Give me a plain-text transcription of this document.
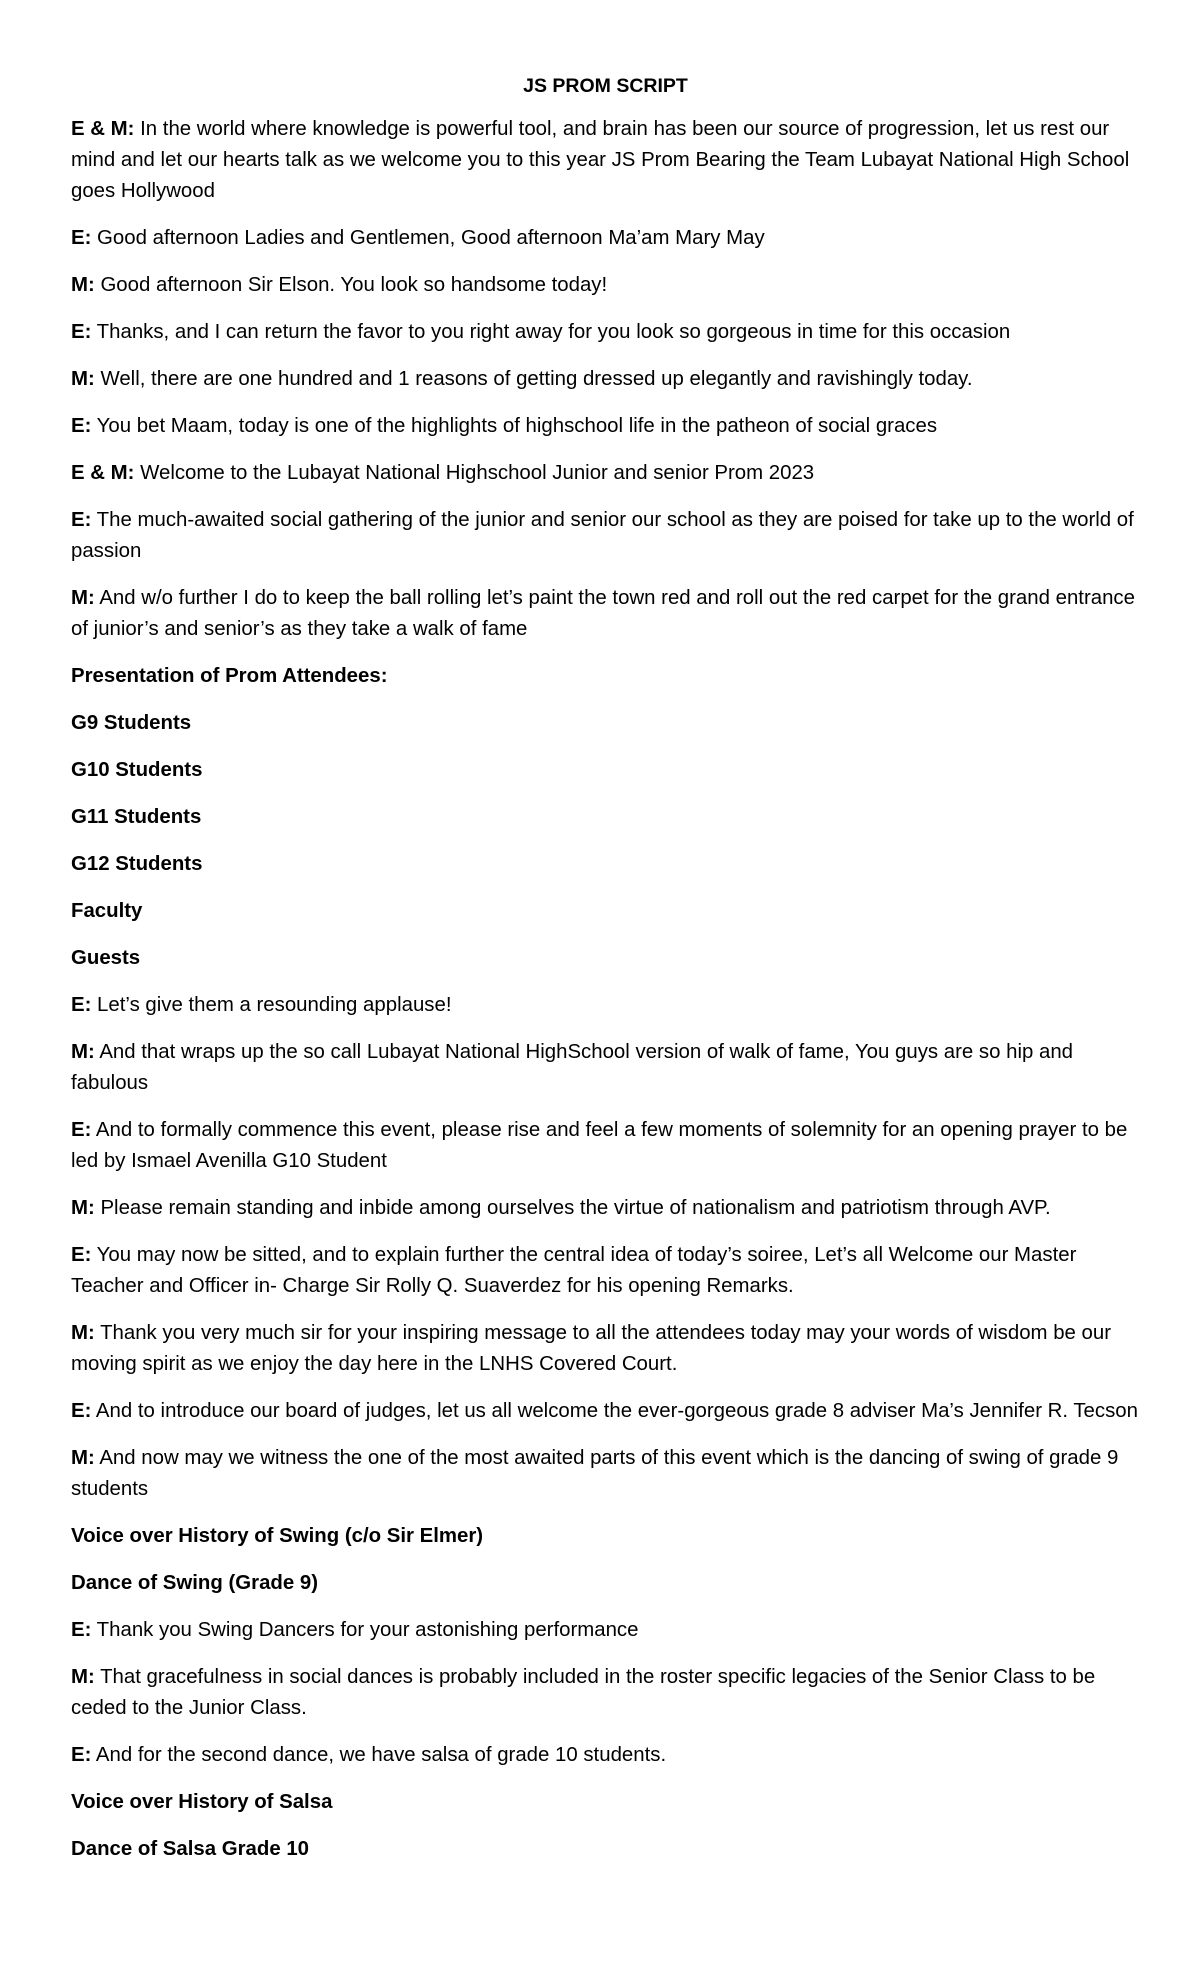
JS PROM SCRIPT
E & M: In the world where knowledge is powerful tool, and brain has been our source of progression, let us rest our mind and let our hearts talk as we welcome you to this year JS Prom Bearing the Team Lubayat National High School goes Hollywood
E: Good afternoon Ladies and Gentlemen, Good afternoon Ma’am Mary May
M: Good afternoon Sir Elson. You look so handsome today!
E: Thanks, and I can return the favor to you right away for you look so gorgeous in time for this occasion
M: Well, there are one hundred and 1 reasons of getting dressed up elegantly and ravishingly today.
E: You bet Maam, today is one of the highlights of highschool life in the patheon of social graces
E & M: Welcome to the Lubayat National Highschool Junior and senior Prom 2023
E: The much-awaited social gathering of the junior and senior our school as they are poised for take up to the world of passion
M: And w/o further I do to keep the ball rolling let’s paint the town red and roll out the red carpet for the grand entrance of junior’s and senior’s as they take a walk of fame
Presentation of Prom Attendees:
G9 Students
G10 Students
G11 Students
G12 Students
Faculty
Guests
E: Let’s give them a resounding applause!
M: And that wraps up the so call Lubayat National HighSchool version of walk of fame, You guys are so hip and fabulous
E: And to formally commence this event, please rise and feel a few moments of solemnity for an opening prayer to be led by Ismael Avenilla G10 Student
M: Please remain standing and inbide among ourselves the virtue of nationalism and patriotism through AVP.
E: You may now be sitted, and to explain further the central idea of today’s soiree, Let’s all Welcome our Master Teacher and Officer in- Charge Sir Rolly Q. Suaverdez for his opening Remarks.
M: Thank you very much sir for your inspiring message to all the attendees today may your words of wisdom be our moving spirit as we enjoy the day here in the LNHS Covered Court.
E: And to introduce our board of judges, let us all welcome the ever-gorgeous grade 8 adviser Ma’s Jennifer R. Tecson
M: And now may we witness the one of the most awaited parts of this event which is the dancing of swing of grade 9 students
Voice over History of Swing (c/o Sir Elmer)
Dance of Swing (Grade 9)
E: Thank you Swing Dancers for your astonishing performance
M: That gracefulness in social dances is probably included in the roster specific legacies of the Senior Class to be ceded to the Junior Class.
E: And for the second dance, we have salsa of grade 10 students.
Voice over History of Salsa
Dance of Salsa Grade 10
